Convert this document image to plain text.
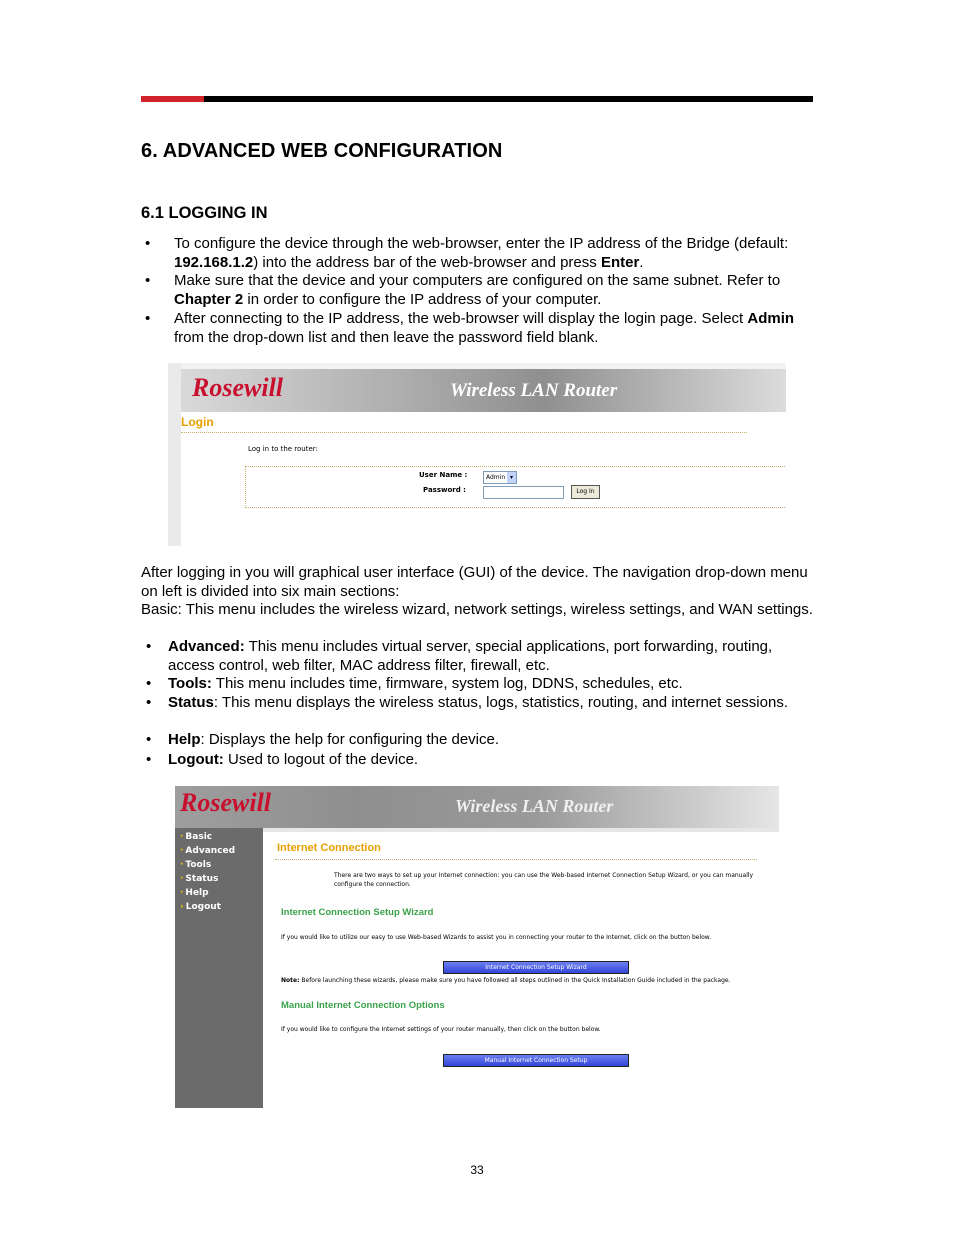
6. ADVANCED WEB CONFIGURATION
6.1 LOGGING IN
• To configure the device through the web-browser, enter the IP address of the Bridge (default: 192.168.1.2) into the address bar of the web-browser and press Enter.
• Make sure that the device and your computers are configured on the same subnet. Refer to Chapter 2 in order to configure the IP address of your computer.
• After connecting to the IP address, the web-browser will display the login page. Select Admin from the drop-down list and then leave the password field blank.
Rosewill	Wireless LAN Router
Login
Log in to the router:
User Name :	Admin ▾
Password :	Log In
After logging in you will graphical user interface (GUI) of the device. The navigation drop-down menu on left is divided into six main sections:
Basic: This menu includes the wireless wizard, network settings, wireless settings, and WAN settings.
• Advanced: This menu includes virtual server, special applications, port forwarding, routing, access control, web filter, MAC address filter, firewall, etc.
• Tools: This menu includes time, firmware, system log, DDNS, schedules, etc.
• Status: This menu displays the wireless status, logs, statistics, routing, and internet sessions.
• Help: Displays the help for configuring the device.
• Logout: Used to logout of the device.
Rosewill	Wireless LAN Router
· Basic
· Advanced
· Tools
· Status
· Help
› Logout
Internet Connection
There are two ways to set up your Internet connection: you can use the Web-based Internet Connection Setup Wizard, or you can manually configure the connection.
Internet Connection Setup Wizard
If you would like to utilize our easy to use Web-based Wizards to assist you in connecting your router to the Internet, click on the button below.
Internet Connection Setup Wizard
Note: Before launching these wizards, please make sure you have followed all steps outlined in the Quick Installation Guide included in the package.
Manual Internet Connection Options
If you would like to configure the Internet settings of your router manually, then click on the button below.
Manual Internet Connection Setup
33
